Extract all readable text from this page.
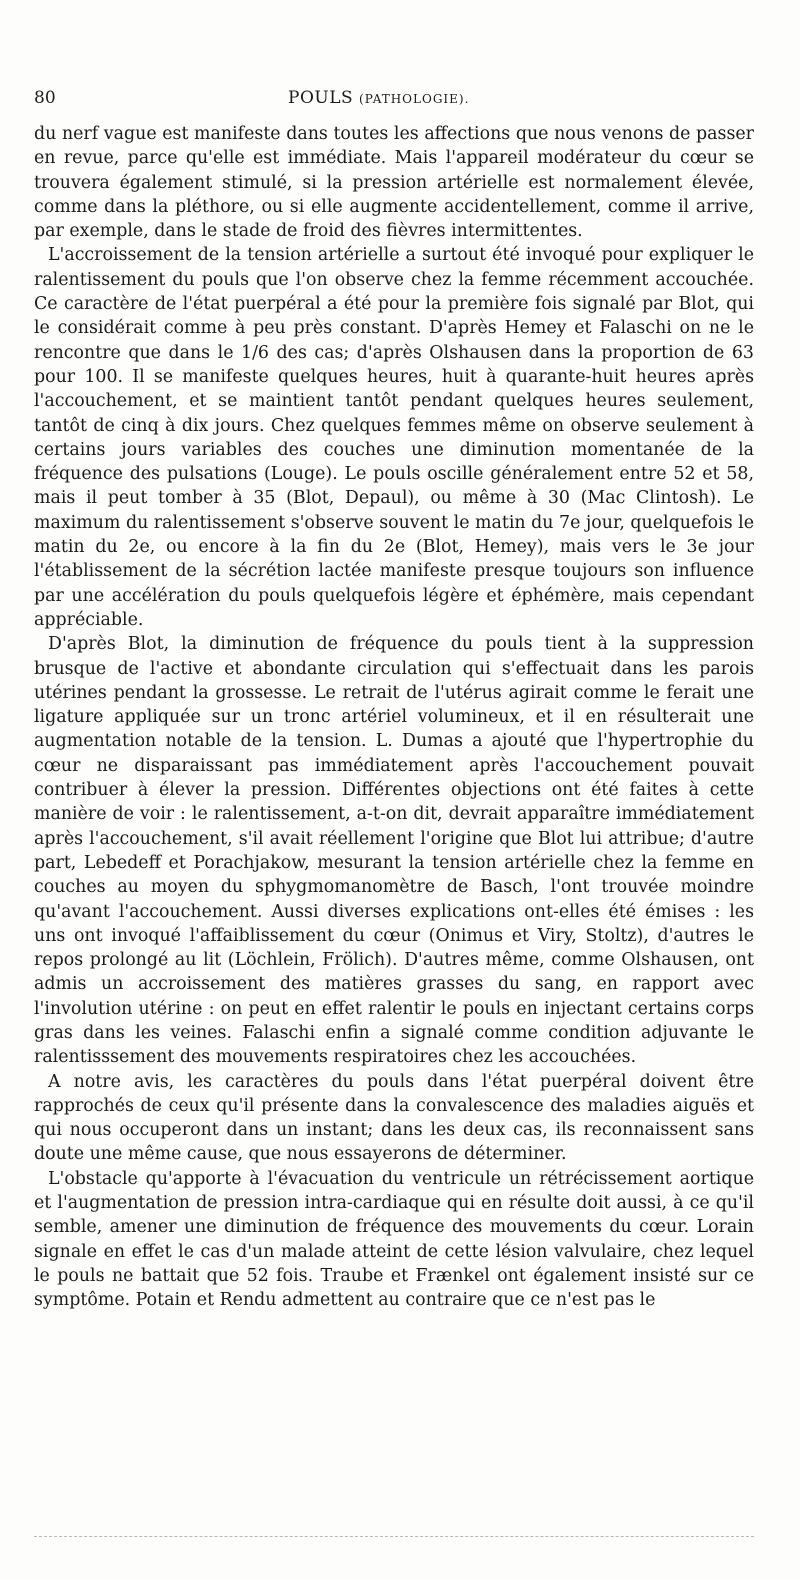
80	POULS (PATHOLOGIE).

du nerf vague est manifeste dans toutes les affections que nous venons de passer en revue, parce qu'elle est immédiate. Mais l'appareil modérateur du cœur se trouvera également stimulé, si la pression artérielle est normalement élevée, comme dans la pléthore, ou si elle augmente accidentellement, comme il arrive, par exemple, dans le stade de froid des fièvres intermittentes.

L'accroissement de la tension artérielle a surtout été invoqué pour expliquer le ralentissement du pouls que l'on observe chez la femme récemment accouchée. Ce caractère de l'état puerpéral a été pour la première fois signalé par Blot, qui le considérait comme à peu près constant. D'après Hemey et Falaschi on ne le rencontre que dans le 1/6 des cas; d'après Olshausen dans la proportion de 63 pour 100. Il se manifeste quelques heures, huit à quarante-huit heures après l'accouchement, et se maintient tantôt pendant quelques heures seulement, tantôt de cinq à dix jours. Chez quelques femmes même on observe seulement à certains jours variables des couches une diminution momentanée de la fréquence des pulsations (Louge). Le pouls oscille généralement entre 52 et 58, mais il peut tomber à 35 (Blot, Depaul), ou même à 30 (Mac Clintosh). Le maximum du ralentissement s'observe souvent le matin du 7e jour, quelquefois le matin du 2e, ou encore à la fin du 2e (Blot, Hemey), mais vers le 3e jour l'établissement de la sécrétion lactée manifeste presque toujours son influence par une accélération du pouls quelquefois légère et éphémère, mais cependant appréciable.

D'après Blot, la diminution de fréquence du pouls tient à la suppression brusque de l'active et abondante circulation qui s'effectuait dans les parois utérines pendant la grossesse. Le retrait de l'utérus agirait comme le ferait une ligature appliquée sur un tronc artériel volumineux, et il en résulterait une augmentation notable de la tension. L. Dumas a ajouté que l'hypertrophie du cœur ne disparaissant pas immédiatement après l'accouchement pouvait contribuer à élever la pression. Différentes objections ont été faites à cette manière de voir : le ralentissement, a-t-on dit, devrait apparaître immédiatement après l'accouchement, s'il avait réellement l'origine que Blot lui attribue; d'autre part, Lebedeff et Porachjakow, mesurant la tension artérielle chez la femme en couches au moyen du sphygmomanomètre de Basch, l'ont trouvée moindre qu'avant l'accouchement. Aussi diverses explications ont-elles été émises : les uns ont invoqué l'affaiblissement du cœur (Onimus et Viry, Stoltz), d'autres le repos prolongé au lit (Löchlein, Frölich). D'autres même, comme Olshausen, ont admis un accroissement des matières grasses du sang, en rapport avec l'involution utérine : on peut en effet ralentir le pouls en injectant certains corps gras dans les veines. Falaschi enfin a signalé comme condition adjuvante le ralentisssement des mouvements respiratoires chez les accouchées.

A notre avis, les caractères du pouls dans l'état puerpéral doivent être rapprochés de ceux qu'il présente dans la convalescence des maladies aiguës et qui nous occuperont dans un instant; dans les deux cas, ils reconnaissent sans doute une même cause, que nous essayerons de déterminer.

L'obstacle qu'apporte à l'évacuation du ventricule un rétrécissement aortique et l'augmentation de pression intra-cardiaque qui en résulte doit aussi, à ce qu'il semble, amener une diminution de fréquence des mouvements du cœur. Lorain signale en effet le cas d'un malade atteint de cette lésion valvulaire, chez lequel le pouls ne battait que 52 fois. Traube et Frænkel ont également insisté sur ce symptôme. Potain et Rendu admettent au contraire que ce n'est pas le
